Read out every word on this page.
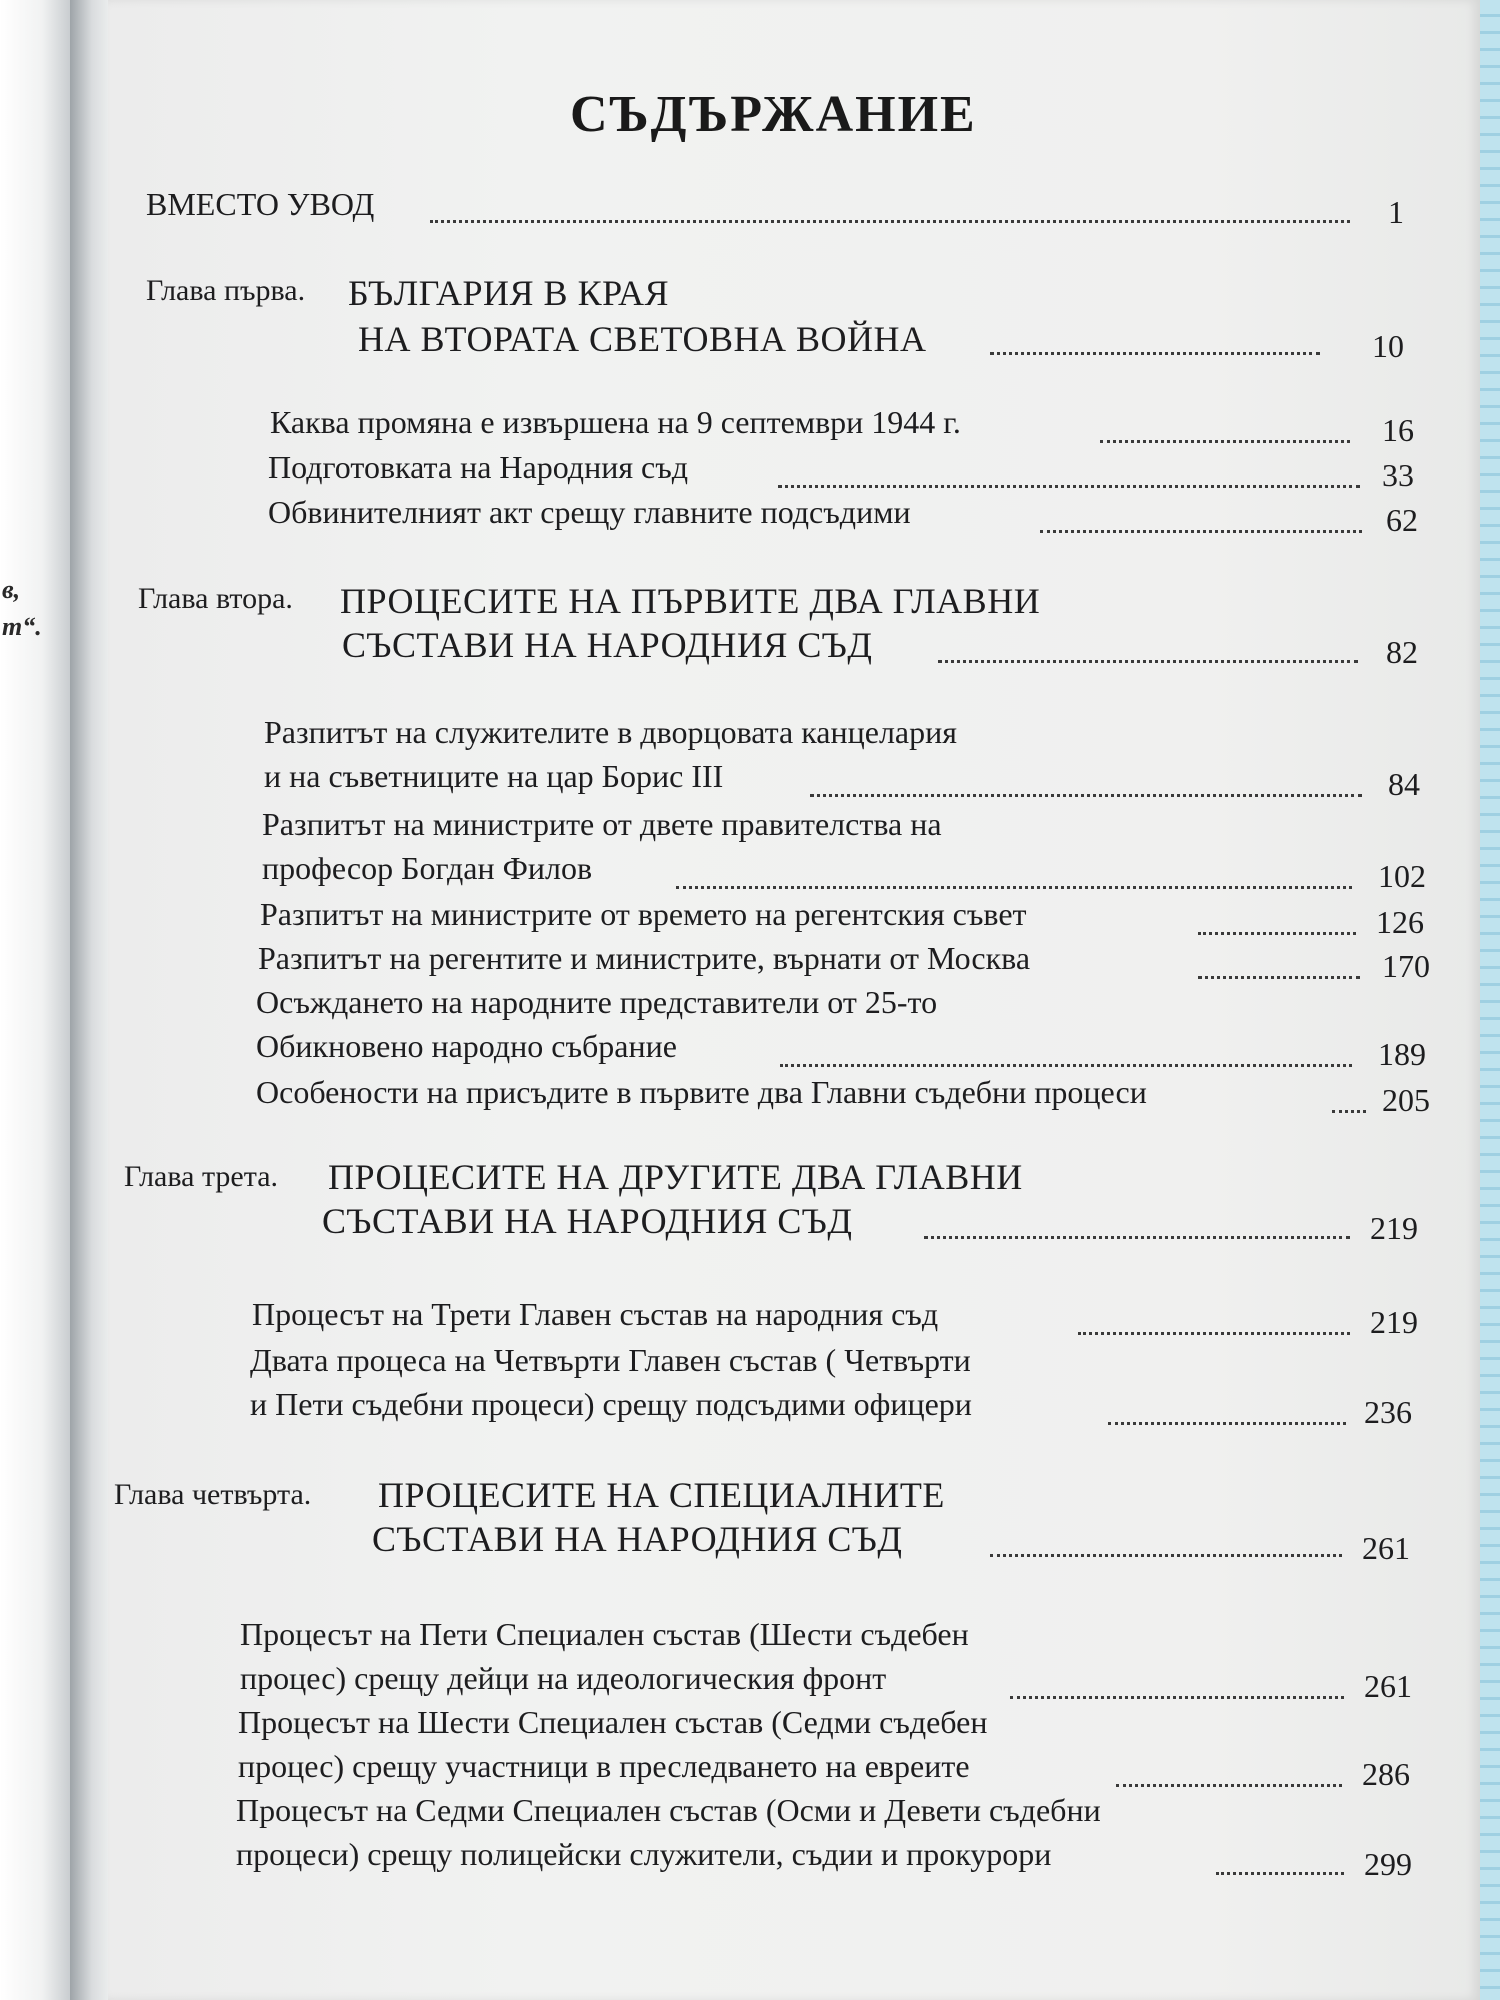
в,
т“.
СЪДЪРЖАНИЕ
ВМЕСТО УВОД	1
Глава първа. БЪЛГАРИЯ В КРАЯ
НА ВТОРАТА СВЕТОВНА ВОЙНА	10
Каква промяна е извършена на 9 септември 1944 г.	16
Подготовката на Народния съд	33
Обвинителният акт срещу главните подсъдими	62
Глава втора. ПРОЦЕСИТЕ НА ПЪРВИТЕ ДВА ГЛАВНИ
СЪСТАВИ НА НАРОДНИЯ СЪД	82
Разпитът на служителите в дворцовата канцелария
и на съветниците на цар Борис III	84
Разпитът на министрите от двете правителства на
професор Богдан Филов	102
Разпитът на министрите от времето на регентския съвет	126
Разпитът на регентите и министрите, върнати от Москва	170
Осъждането на народните представители от 25-то
Обикновено народно събрание	189
Особености на присъдите в първите два Главни съдебни процеси	205
Глава трета. ПРОЦЕСИТЕ НА ДРУГИТЕ ДВА ГЛАВНИ
СЪСТАВИ НА НАРОДНИЯ СЪД	219
Процесът на Трети Главен състав на народния съд	219
Двата процеса на Четвърти Главен състав ( Четвърти
и Пети съдебни процеси) срещу подсъдими офицери	236
Глава четвърта. ПРОЦЕСИТЕ НА СПЕЦИАЛНИТЕ
СЪСТАВИ НА НАРОДНИЯ СЪД	261
Процесът на Пети Специален състав (Шести съдебен
процес) срещу дейци на идеологическия фронт	261
Процесът на Шести Специален състав (Седми съдебен
процес) срещу участници в преследването на евреите	286
Процесът на Седми Специален състав (Осми и Девети съдебни
процеси) срещу полицейски служители, съдии и прокурори	299
